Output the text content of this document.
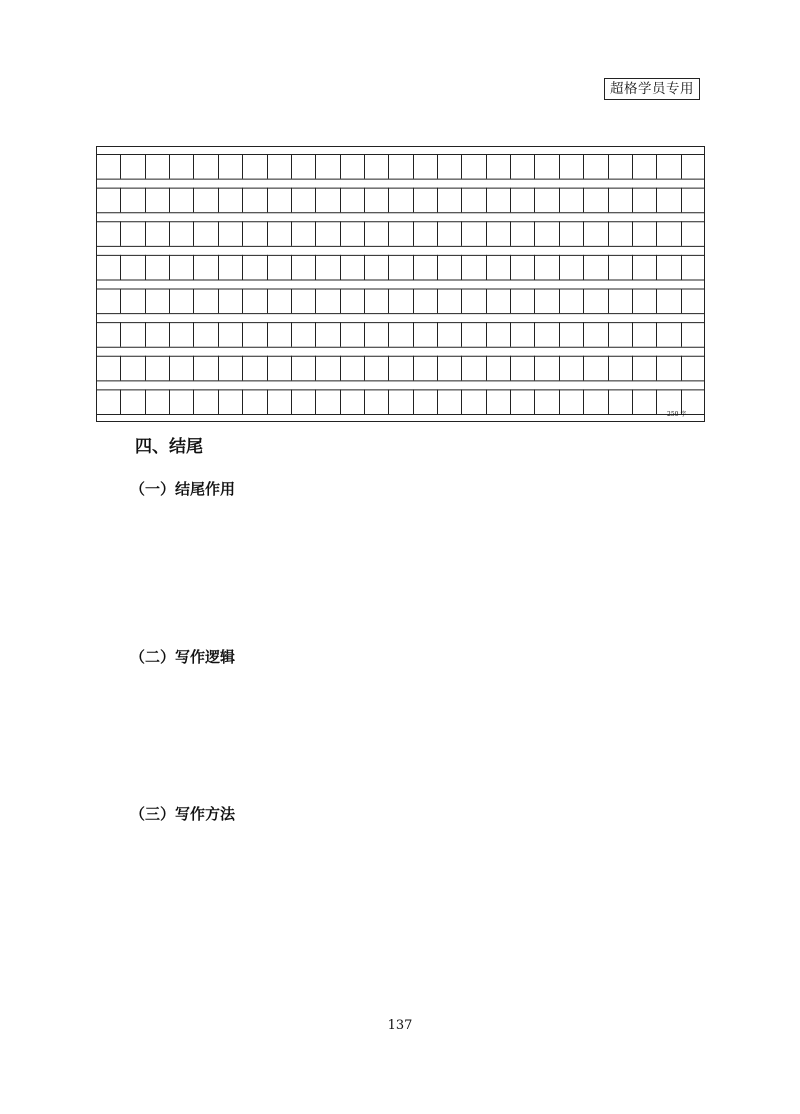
超格学员专用
250 字
四、结尾
（一）结尾作用
（二）写作逻辑
（三）写作方法
137
